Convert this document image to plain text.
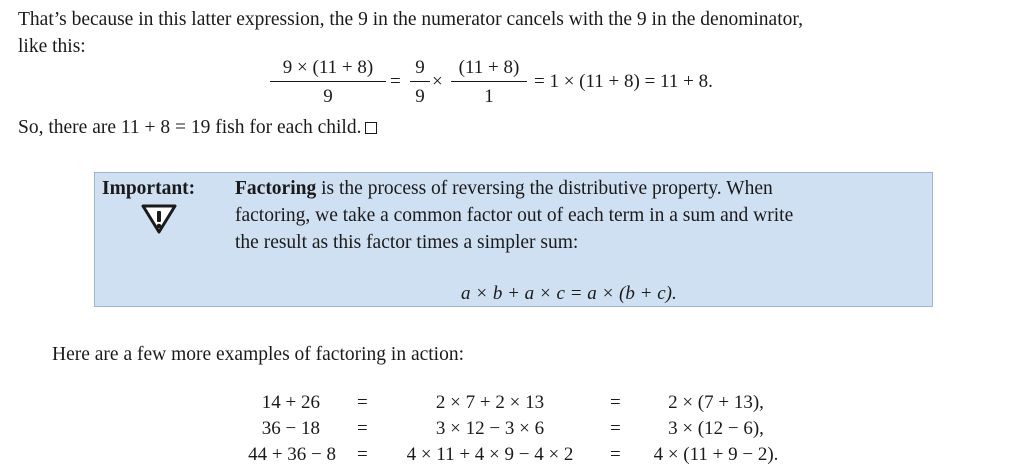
That’s because in this latter expression, the 9 in the numerator cancels with the 9 in the denominator,
like this:
9 × (11 + 8)
9
=
9
9
×
(11 + 8)
1
= 1 × (11 + 8) = 11 + 8.
So, there are 11 + 8 = 19 fish for each child.
Important: Factoring is the process of reversing the distributive property. When
factoring, we take a common factor out of each term in a sum and write
the result as this factor times a simpler sum:
a × b + a × c = a × (b + c).
Here are a few more examples of factoring in action:
14 + 26 =	2 × 7 + 2 × 13	=	2 × (7 + 13),
36 − 18 =	3 × 12 − 3 × 6	=	3 × (12 − 6),
44 + 36 − 8 =	4 × 11 + 4 × 9 − 4 × 2	=	4 × (11 + 9 − 2).
